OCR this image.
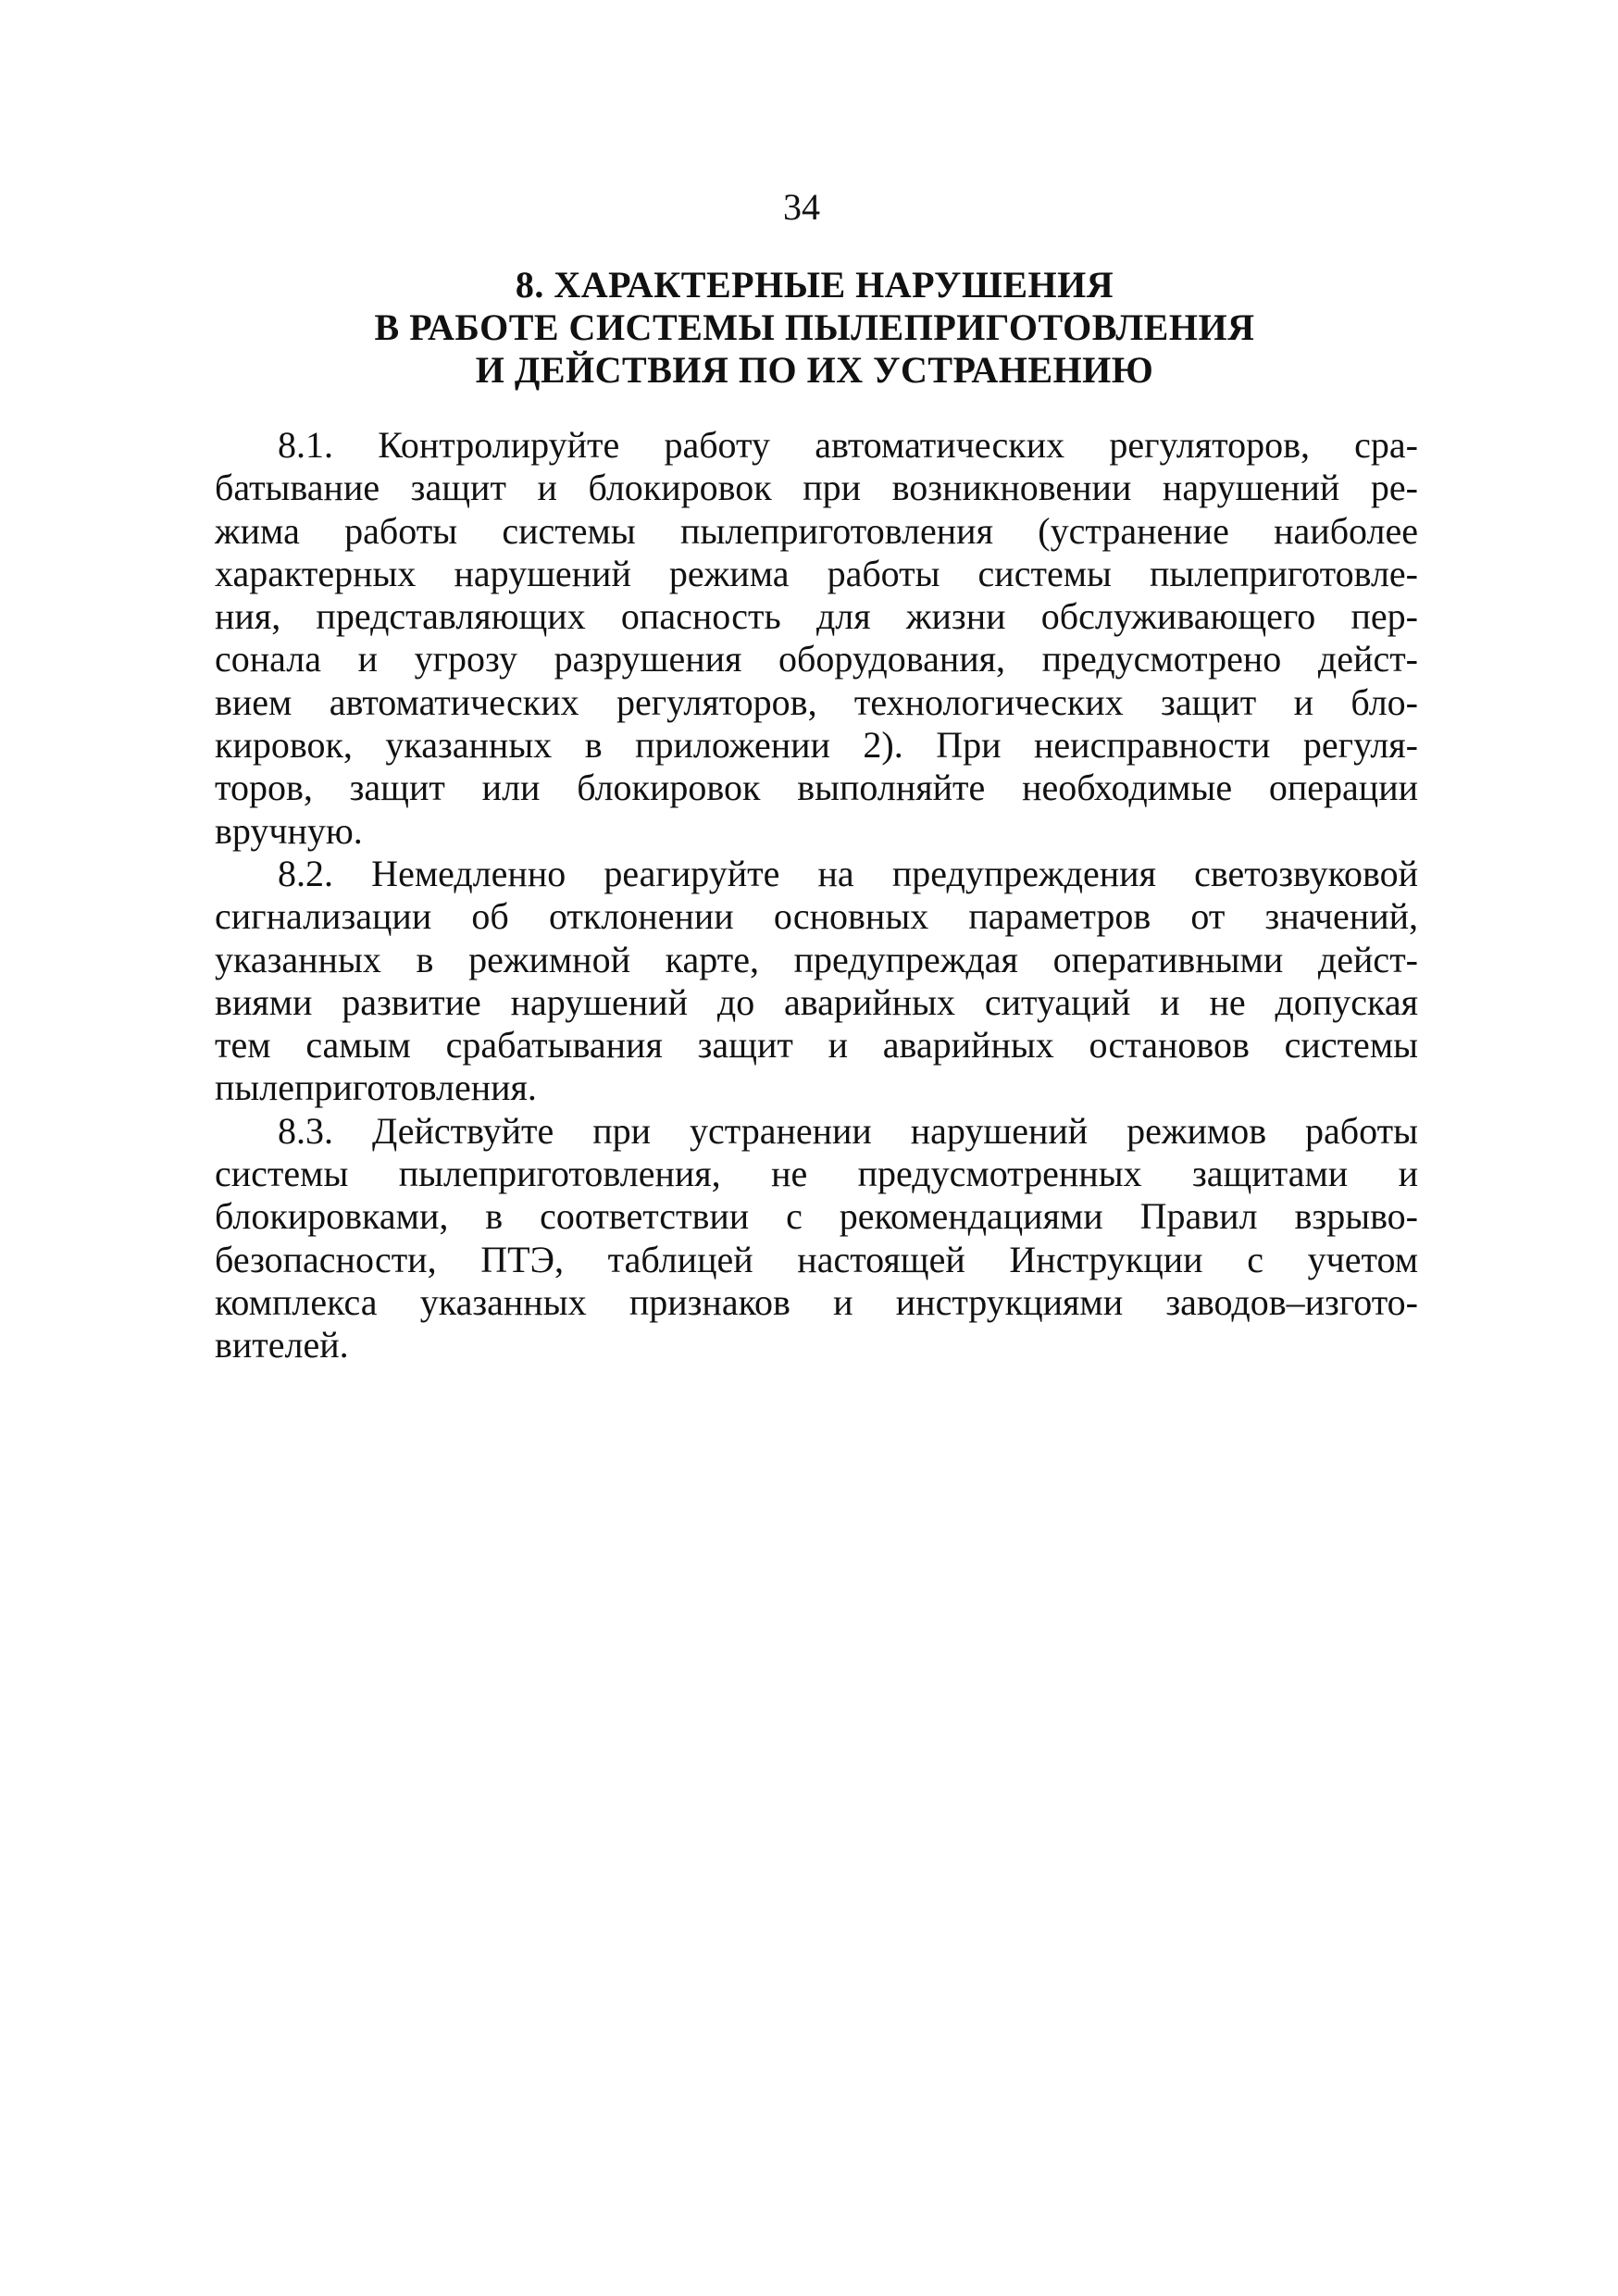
34
8. ХАРАКТЕРНЫЕ НАРУШЕНИЯ
В РАБОТЕ СИСТЕМЫ ПЫЛЕПРИГОТОВЛЕНИЯ
И ДЕЙСТВИЯ ПО ИХ УСТРАНЕНИЮ
8.1. Контролируйте работу автоматических регуляторов, сра-
батывание защит и блокировок при возникновении нарушений ре-
жима работы системы пылеприготовления (устранение наиболее
характерных нарушений режима работы системы пылеприготовле-
ния, представляющих опасность для жизни обслуживающего пер-
сонала и угрозу разрушения оборудования, предусмотрено дейст-
вием автоматических регуляторов, технологических защит и бло-
кировок, указанных в приложении 2). При неисправности регуля-
торов, защит или блокировок выполняйте необходимые операции
вручную.
8.2. Немедленно реагируйте на предупреждения светозвуковой
сигнализации об отклонении основных параметров от значений,
указанных в режимной карте, предупреждая оперативными дейст-
виями развитие нарушений до аварийных ситуаций и не допуская
тем самым срабатывания защит и аварийных остановов системы
пылеприготовления.
8.3. Действуйте при устранении нарушений режимов работы
системы пылеприготовления, не предусмотренных защитами и
блокировками, в соответствии с рекомендациями Правил взрыво-
безопасности, ПТЭ, таблицей настоящей Инструкции с учетом
комплекса указанных признаков и инструкциями заводов–изгото-
вителей.
